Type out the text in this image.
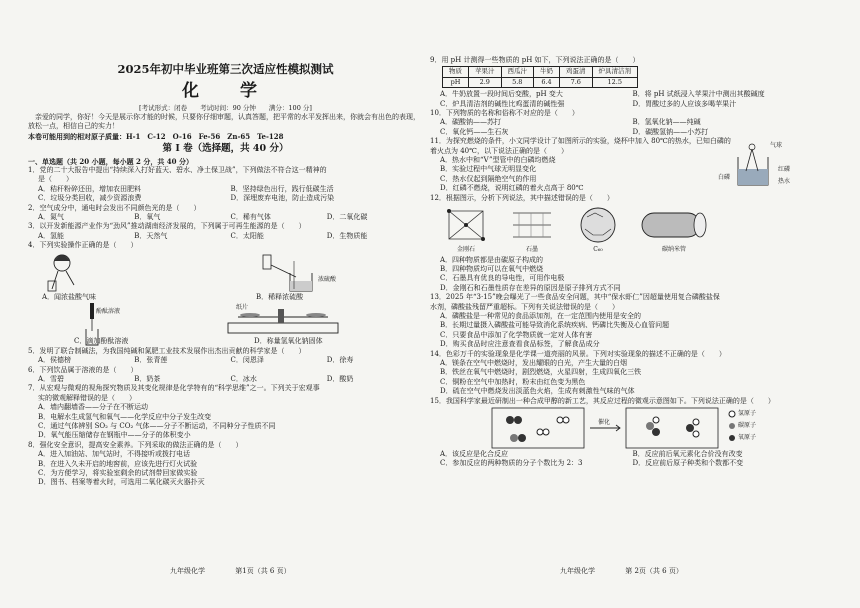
2025年初中毕业班第三次适应性模拟测试
化　学
[考试形式：闭卷　　考试时间：90 分钟　　满分：100 分]

　亲爱的同学，你好！今天是展示你才能的时候，只要你仔细审题，认真答题，把平常的水平发挥出来，你就会有出色的表现，

放松一点，相信自己的实力！

本卷可能用到的相对原子质量：H-1　C-12　O-16　Fe-56　Zn-65　Te-128

第 I 卷（选择题，共 40 分）

一、单选题（共 20 小题，每小题 2 分，共 40 分）

1．党的二十大报告中提出“持续深入打好蓝天、碧水、净土保卫战”，下列做法不符合这一精神的

是（　　）

A．秸秆粉碎还田，增加农田肥料	B．坚持绿色出行，践行低碳生活
C．垃圾分类回收，减少资源浪费	D．深埋废弃电池，防止造成污染

2．空气成分中，通电时会发出不同颜色光的是（　　）

A．氮气	B．氧气	C．稀有气体	D．二氧化碳

3．以开发新能源产业作为“劲风”推动湖南经济发展的，下列属于可再生能源的是（　　）

A．氢能	B．天然气	C．太阳能	D．生物质能

4．下列实验操作正确的是（　　）

A．闻浓盐酸气味
浓硫酸
B．稀释浓硫酸
酚酞溶液
C．滴加酚酞溶液
纸片
D．称量氢氧化钠固体

5．发明了联合制碱法，为我国纯碱和氮肥工业技术发展作出杰出贡献的科学家是（　　）

A．侯德榜	B．张青莲	C．闵恩泽	D．徐寿

6．下列饮品属于溶液的是（　　）

A．雪碧	B．奶茶	C．冰水	D．酸奶

7．从宏观与微观的视角探究物质及其变化规律是化学特有的“科学思维”之一。下列关于宏观事

实的微观解释错误的是（　　）

A．墙内翻墙香——分子在不断运动

B．电解水生成氢气和氧气——化学反应中分子发生改变

C．通过气体辨别 SO₂ 与 CO₂ 气体——分子不断运动，不同种分子性质不同

D．氧气能压缩储存在钢瓶中——分子的体积变小

8．强化安全意识，提高安全素养。下列采取的做法正确的是（　　）

A．进入加油站、加气站时，不得接听或拨打电话

B．在进入久未开启的地窖前，应该先进行灯火试验

C．为方便学习，将实验室剩余的试剂带回家做实验

D．图书、档案等着火时，可选用二氧化碳灭火器扑灭

九年级化学	第1页（共 6 页）

9．用 pH 计测得一些物质的 pH 如下，下列说法正确的是（　　）

物质	苹果汁	西瓜汁	牛奶	鸡蛋清	炉具清洁剂
pH	2.9	5.8	6.4	7.6	12.5
A．牛奶放置一段时间后变酸，pH 变大	B．将 pH 试纸浸入苹果汁中测出其酸碱度
C．炉具清洁剂的碱性比鸡蛋清的碱性强	D．胃酸过多的人应该多喝苹果汁

10．下列物质的名称和俗称不对应的是（　　）

A．碳酸钠——苏打	B．氢氧化钠——纯碱
C．氧化钙——生石灰	D．碳酸氢钠——小苏打

11．为探究燃烧的条件，小文同学设计了如图所示的实验，烧杯中加入 80℃的热水，已知白磷的

着火点为 40℃，以下说法正确的是（　　）

A．热水中和“V”型管中的白磷均燃烧

B．实验过程中气球无明显变化

C．热水仅起到隔绝空气的作用

D．红磷不燃烧，说明红磷的着火点高于 80℃

气球
白磷
红磷
热水

12．根据图示，分析下列说法，其中描述错误的是（　　）

金刚石	石墨	C₆₀	碳纳米管

A．四种物质都是由碳原子构成的

B．四种物质均可以在氧气中燃烧

C．石墨具有优良的导电性，可用作电极

D．金刚石和石墨性质存在差异的原因是原子排列方式不同

13．2025 年“3·15”晚会曝光了一些食品安全问题，其中“保水虾仁”因超量使用复合磷酸盐保

水剂，磷酸盐残留严重超标。下列有关说法错误的是（　　）

A．磷酸盐是一种常见的食品添加剂，在一定范围内使用是安全的

B．长期过量摄入磷酸盐可能导致消化系统疾病、钙磷比失衡及心血管问题

C．只要食品中添加了化学物质就一定对人体有害

D．购买食品时应注意查看食品标签，了解食品成分

14．色彩万千的实验现象是化学课一道亮丽的风景。下列对实验现象的描述不正确的是（　　）

A．镁条在空气中燃烧时，发出耀眼的白光，产生大量的白烟

B．铁丝在氧气中燃烧时，剧烈燃烧，火星四射，生成四氧化三铁

C．铜粉在空气中加热时，粉末由红色变为黑色

D．硫在空气中燃烧发出淡蓝色火焰，生成有刺激性气味的气体

15．我国科学家最近研制出一种合成甲醇的新工艺，其反应过程的微观示意图如下。下列说法正确的是（　　）

催化
氢原子
碳原子
氧原子
A．该反应是化合反应	B．反应前后氧元素化合价没有改变
C．参加反应的两种物质的分子个数比为 2：3	D．反应前后原子种类和个数都不变
九年级化学	第 2页（共 6 页）
